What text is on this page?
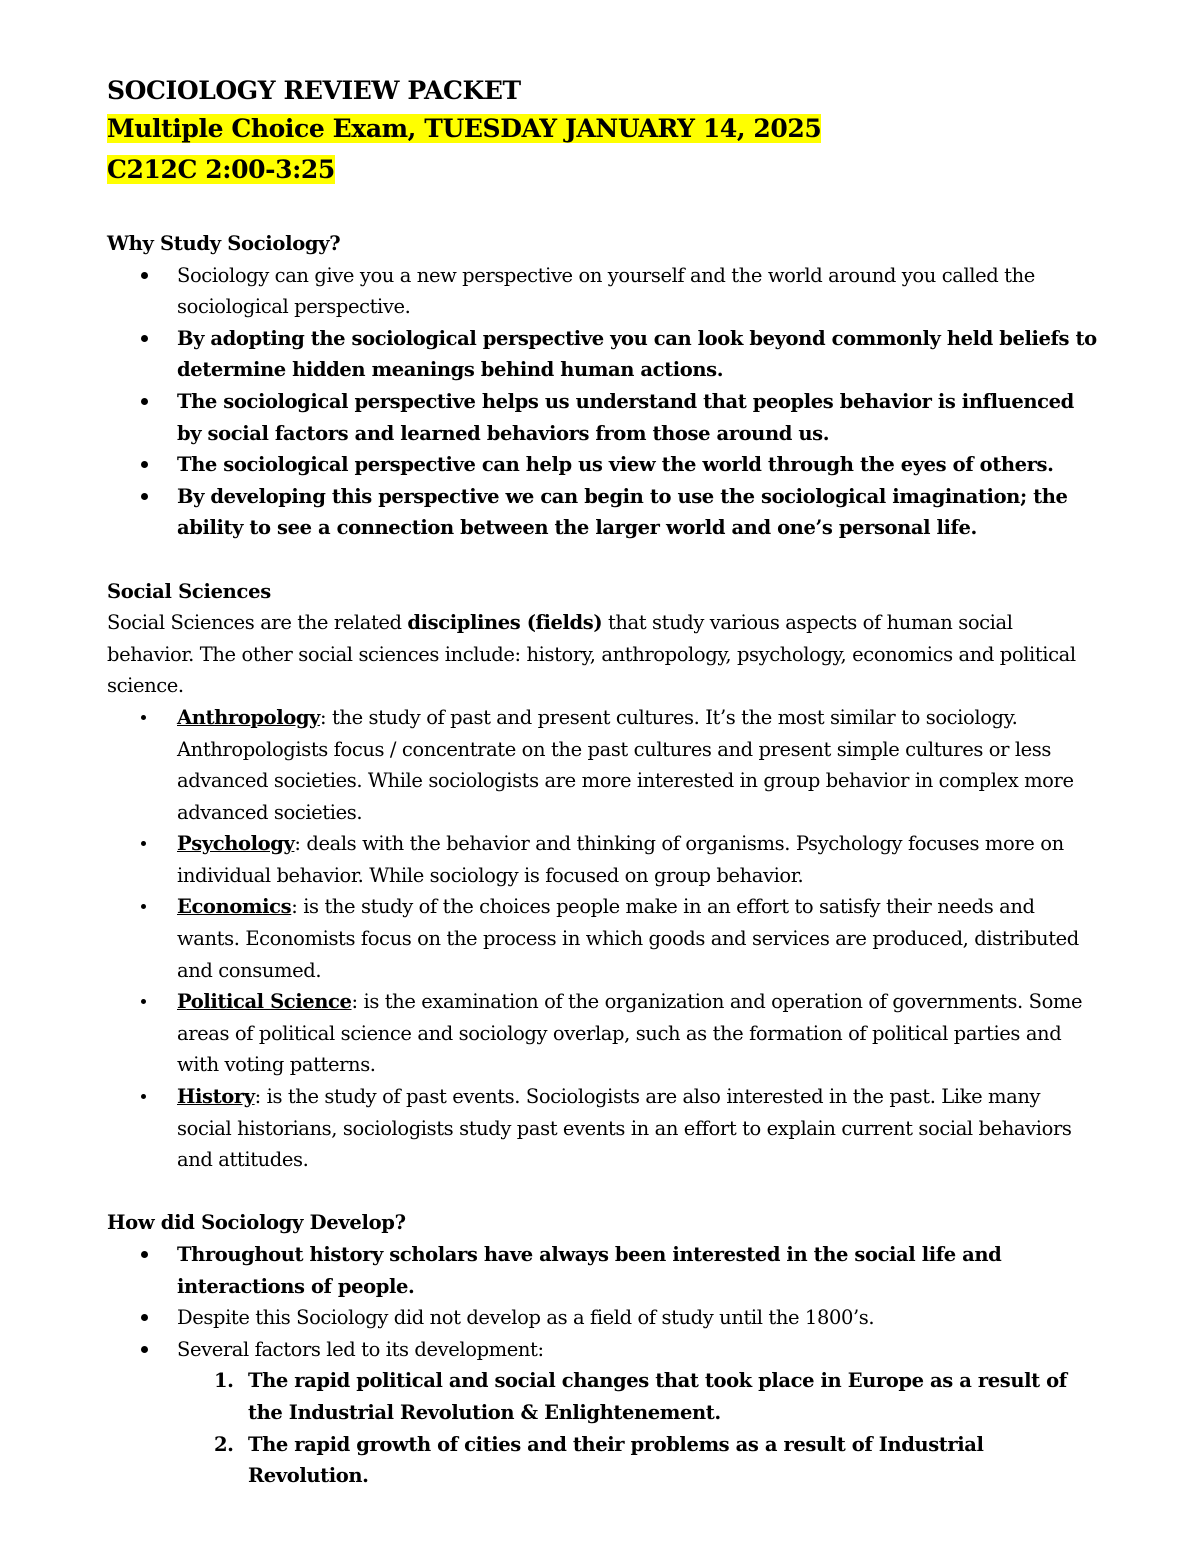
SOCIOLOGY REVIEW PACKET
Multiple Choice Exam, TUESDAY JANUARY 14, 2025
C212C 2:00-3:25
Why Study Sociology?
Sociology can give you a new perspective on yourself and the world around you called the sociological perspective.
By adopting the sociological perspective you can look beyond commonly held beliefs to determine hidden meanings behind human actions.
The sociological perspective helps us understand that peoples behavior is influenced by social factors and learned behaviors from those around us.
The sociological perspective can help us view the world through the eyes of others.
By developing this perspective we can begin to use the sociological imagination; the ability to see a connection between the larger world and one’s personal life.
Social Sciences

Social Sciences are the related disciplines (fields) that study various aspects of human social behavior. The other social sciences include: history, anthropology, psychology, economics and political science.

Anthropology: the study of past and present cultures. It’s the most similar to sociology. Anthropologists focus / concentrate on the past cultures and present simple cultures or less advanced societies. While sociologists are more interested in group behavior in complex more advanced societies.
Psychology: deals with the behavior and thinking of organisms. Psychology focuses more on individual behavior. While sociology is focused on group behavior.
Economics: is the study of the choices people make in an effort to satisfy their needs and wants. Economists focus on the process in which goods and services are produced, distributed and consumed.
Political Science: is the examination of the organization and operation of governments. Some areas of political science and sociology overlap, such as the formation of political parties and with voting patterns.
History: is the study of past events. Sociologists are also interested in the past. Like many social historians, sociologists study past events in an effort to explain current social behaviors and attitudes.
How did Sociology Develop?
Throughout history scholars have always been interested in the social life and interactions of people.
Despite this Sociology did not develop as a field of study until the 1800’s.
Several factors led to its development:
1. The rapid political and social changes that took place in Europe as a result of the Industrial Revolution & Enlightenement.
2. The rapid growth of cities and their problems as a result of Industrial Revolution.
